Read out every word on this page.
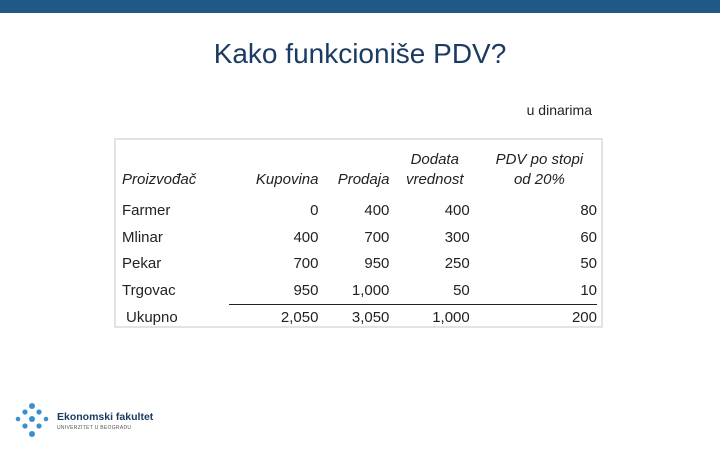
Kako funkcioniše PDV?
u dinarima
Proizvođač	Kupovina	Prodaja	Dodata vrednost	PDV po stopi od 20%
Farmer	0	400	400	80
Mlinar	400	700	300	60
Pekar	700	950	250	50
Trgovac	950	1,000	50	10
Ukupno	2,050	3,050	1,000	200
Ekonomski fakultet
UNIVERZITET U BEOGRADU
